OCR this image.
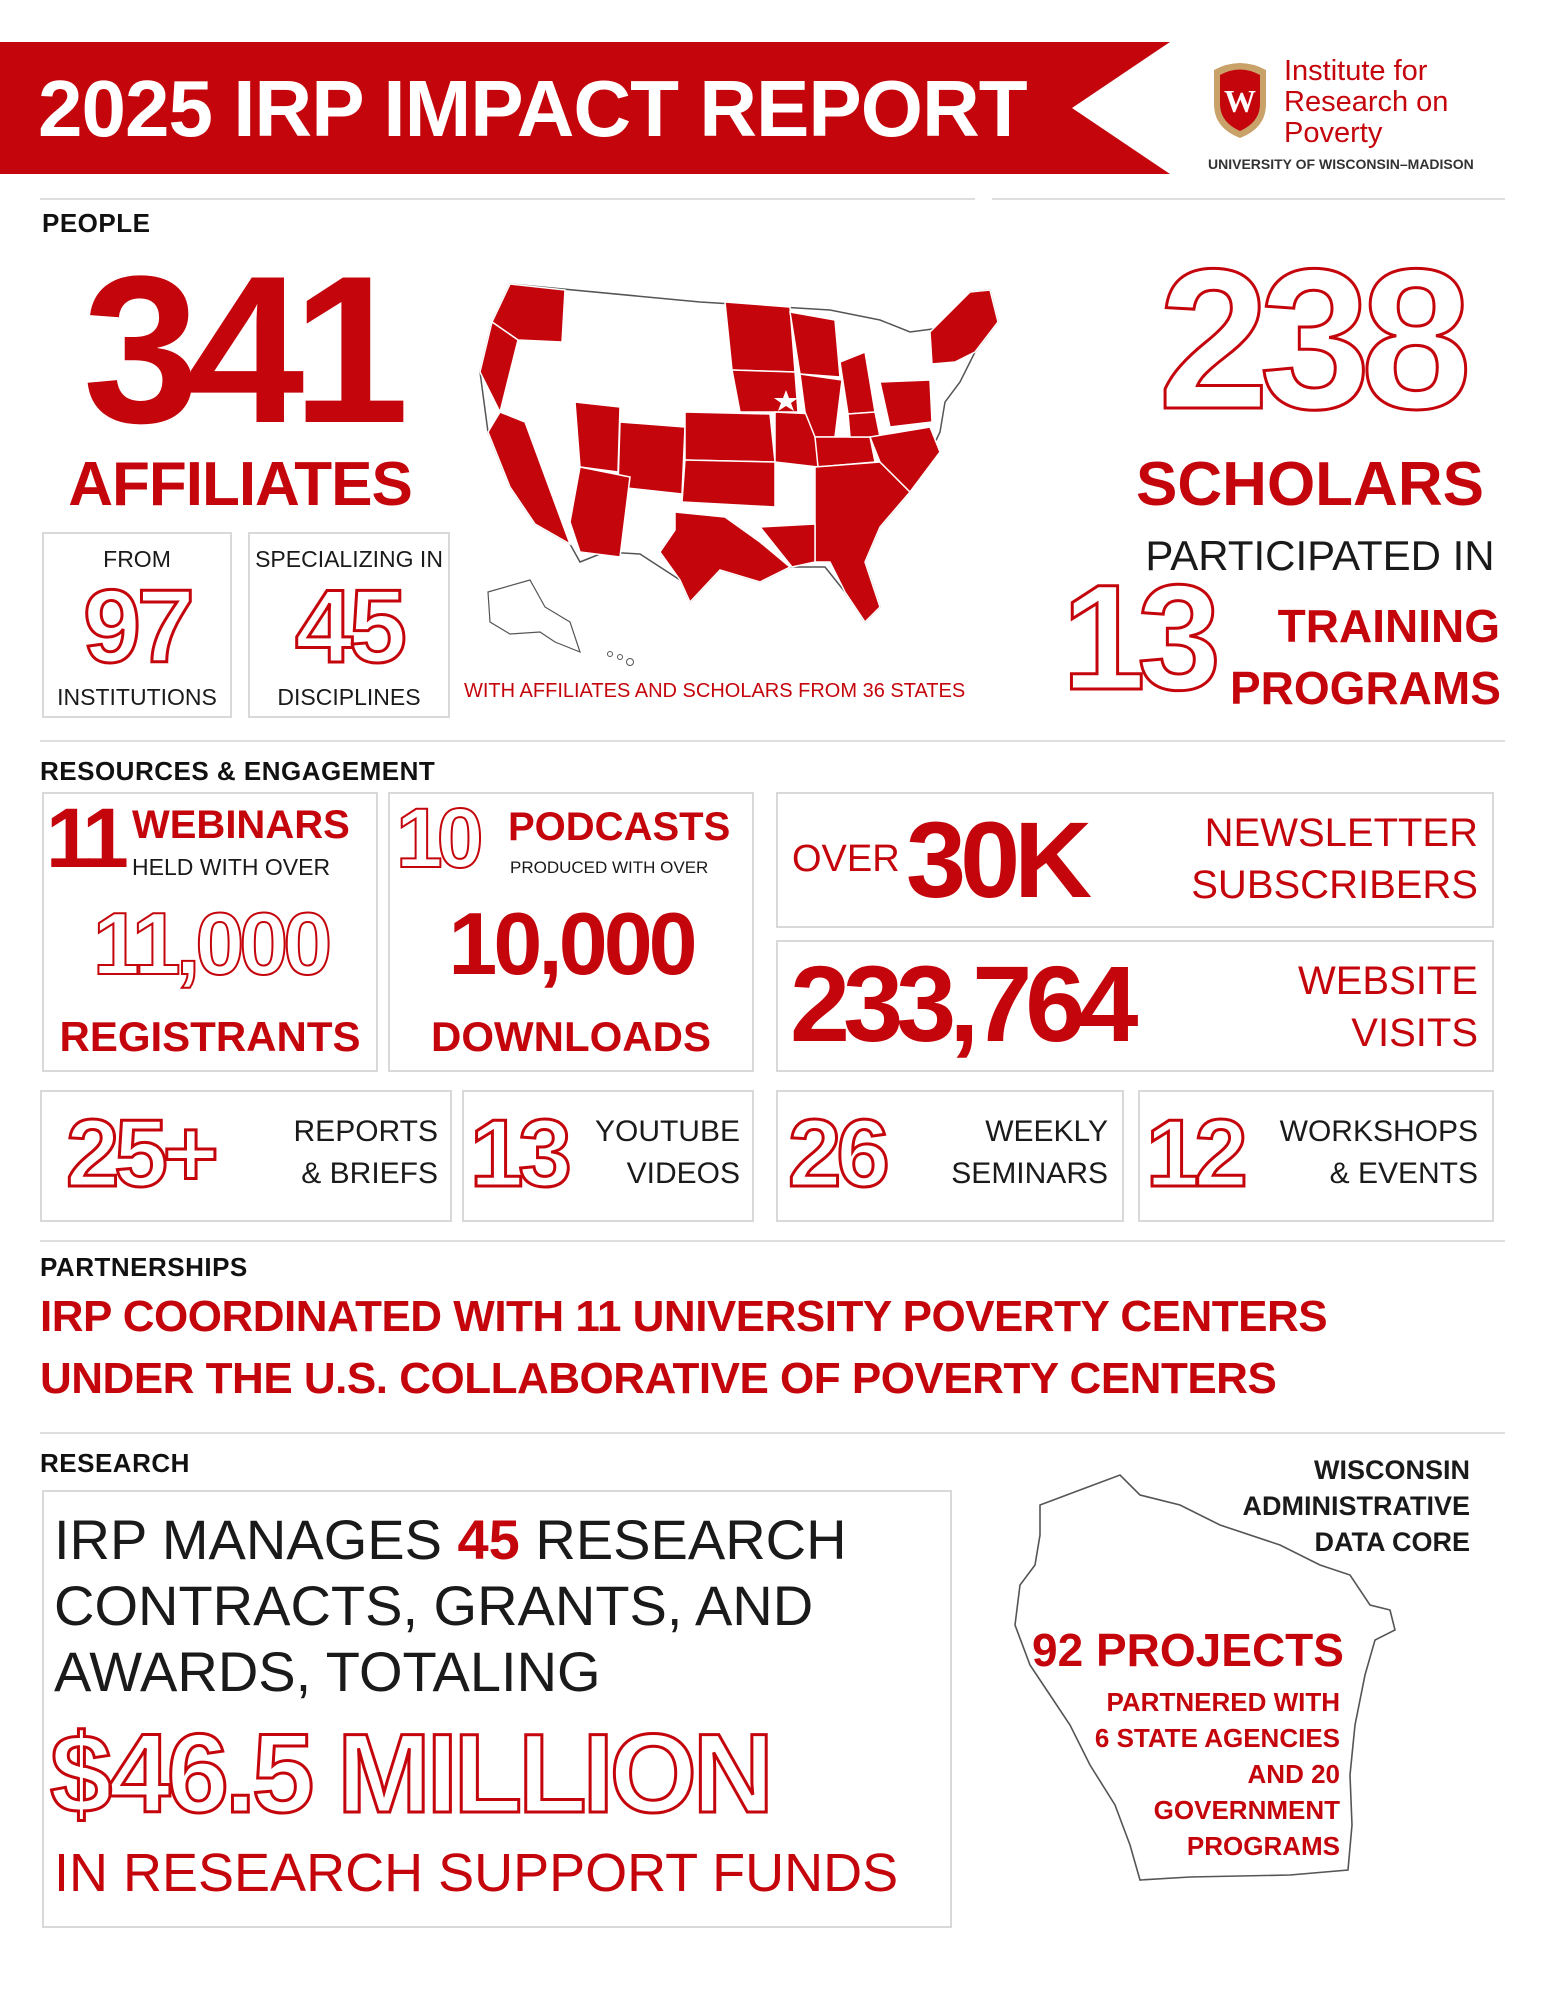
2025 IRP IMPACT REPORT	W
Institute for
Research on
Poverty
UNIVERSITY OF WISCONSIN–MADISON
PEOPLE
341
AFFILIATES
FROM
97
INSTITUTIONS
SPECIALIZING IN
45
DISCIPLINES	WITH AFFILIATES AND SCHOLARS FROM 36 STATES
238
SCHOLARS
PARTICIPATED IN
13	TRAINING
PROGRAMS
RESOURCES & ENGAGEMENT
11 WEBINARS
HELD WITH OVER
11,000
REGISTRANTS
10 PODCASTS
PRODUCED WITH OVER
10,000
DOWNLOADS
OVER 30K	NEWSLETTER
SUBSCRIBERS
233,764	WEBSITE
VISITS
25+	REPORTS
& BRIEFS 13 YOUTUBE
VIDEOS 26	WEEKLY
SEMINARS 12	WORKSHOPS
& EVENTS
PARTNERSHIPS
IRP COORDINATED WITH 11 UNIVERSITY POVERTY CENTERS
UNDER THE U.S. COLLABORATIVE OF POVERTY CENTERS
RESEARCH
IRP MANAGES 45 RESEARCH
CONTRACTS, GRANTS, AND
AWARDS, TOTALING
$46.5 MILLION
IN RESEARCH SUPPORT FUNDS
WISCONSIN
ADMINISTRATIVE
DATA CORE
92 PROJECTS
PARTNERED WITH
6 STATE AGENCIES
AND 20
GOVERNMENT
PROGRAMS
